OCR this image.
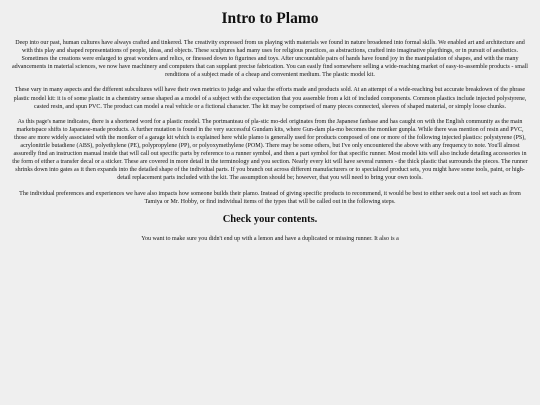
Intro to Plamo

Deep into our past, human cultures have always crafted and tinkered. The creativity expressed from us playing with materials we found in nature broadened into formal skills. We enabled art and architecture and with this play and shaped representations of people, ideas, and objects. These sculptures had many uses for religious practices, as abstractions, crafted into imaginative playthings, or in pursuit of aesthetics. Sometimes the creations were enlarged to great wonders and relics, or finessed down to figurines and toys. After uncountable pairs of hands have found joy in the manipulation of shapes, and with the many advancements in material sciences, we now have machinery and computers that can supplant precise fabrication. You can easily find somewhere selling a wide-reaching market of easy-to-assemble products - small renditions of a subject made of a cheap and convenient medium. The plastic model kit.

These vary in many aspects and the different subcultures will have their own metrics to judge and value the efforts made and products sold. At an attempt of a wide-reaching but accurate breakdown of the phrase plastic model kit: it is of some plastic in a chemistry sense shaped as a model of a subject with the expectation that you assemble from a kit of included components. Common plastics include injected polystyrene, casted resin, and spun PVC. The product can model a real vehicle or a fictional character. The kit may be comprised of many pieces connected, sleeves of shaped material, or simply loose chunks.

As this page's name indicates, there is a shortened word for a plastic model. The portmanteau of pla-stic mo-del originates from the Japanese fanbase and has caught on with the English community as the main marketspace shifts to Japanese-made products. A further mutation is found in the very successful Gundam kits, where Gun-dam pla-mo becomes the moniker gunpla. While there was mention of resin and PVC, those are more widely associated with the moniker of a garage kit which is explained here while plamo is generally used for products composed of one or more of the following injected plastics: polystyrene (PS), acrylonitrile butadiene (ABS), polyethylene (PE), polypropylene (PP), or polyoxymethylene (POM). There may be some others, but I've only encountered the above with any frequency to note. You'll almost assuredly find an instruction manual inside that will call out specific parts by reference to a runner symbol, and then a part symbol for that specific runner. Most model kits will also include detailing accessories in the form of either a transfer decal or a sticker. These are covered in more detail in the terminology and you section. Nearly every kit will have several runners - the thick plastic that surrounds the pieces. The runner shrinks down into gates as it then expands into the detailed shape of the individual parts. If you branch out across different manufacturers or to specialized product sets, you might have some tools, paint, or high-detail replacement parts included with the kit. The assumption should be; however, that you will need to bring your own tools.

The individual preferences and experiences we have also impacts how someone builds their plamo. Instead of giving specific products to recommend, it would be best to either seek out a tool set such as from Tamiya or Mr. Hobby, or find individual items of the types that will be called out in the following steps.

Check your contents.

You want to make sure you didn't end up with a lemon and have a duplicated or missing runner. It also is a
